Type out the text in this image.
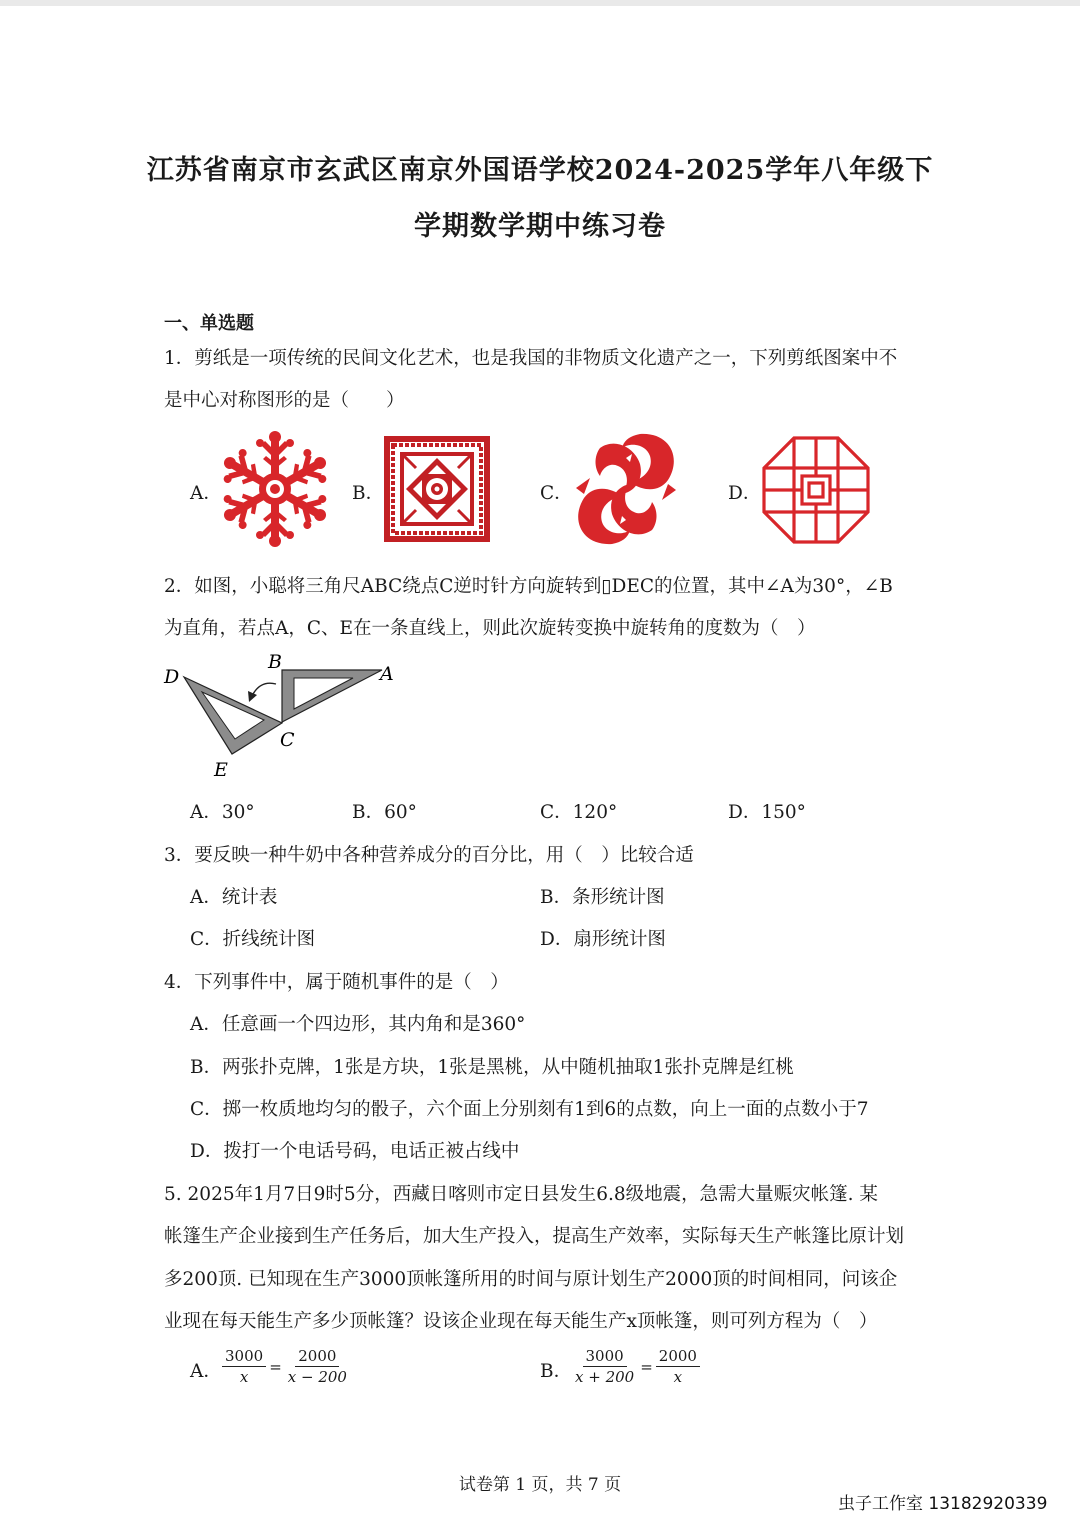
江苏省南京市玄武区南京外国语学校2024-2025学年八年级下
学期数学期中练习卷
一、单选题
1．剪纸是一项传统的民间文化艺术，也是我国的非物质文化遗产之一，下列剪纸图案中不
是中心对称图形的是（　　）
A．	B．	C．	D．
2．如图，小聪将三角尺ABC绕点C逆时针方向旋转到▯DEC的位置，其中∠A为30°，∠B
为直角，若点A，C、E在一条直线上，则此次旋转变换中旋转角的度数为（　）
D
B
A
C
E
A．30°	B．60°	C．120°	D．150°
3．要反映一种牛奶中各种营养成分的百分比，用（　）比较合适
A．统计表	B．条形统计图
C．折线统计图	D．扇形统计图
4．下列事件中，属于随机事件的是（　）
A．任意画一个四边形，其内角和是360°
B．两张扑克牌，1张是方块，1张是黑桃，从中随机抽取1张扑克牌是红桃
C．掷一枚质地均匀的骰子，六个面上分别刻有1到6的点数，向上一面的点数小于7
D．拨打一个电话号码，电话正被占线中
5. 2025年1月7日9时5分，西藏日喀则市定日县发生6.8级地震，急需大量赈灾帐篷. 某
帐篷生产企业接到生产任务后，加大生产投入，提高生产效率，实际每天生产帐篷比原计划
多200顶. 已知现在生产3000顶帐篷所用的时间与原计划生产2000顶的时间相同，问该企
业现在每天能生产多少顶帐篷？设该企业现在每天能生产x顶帐篷，则可列方程为（　）
A． $\frac{3000}{x} = \frac{2000}{x - 200}$	B． $\frac{3000}{x + 200} = \frac{2000}{x}$
试卷第 1 页，共 7 页
虫子工作室 13182920339
